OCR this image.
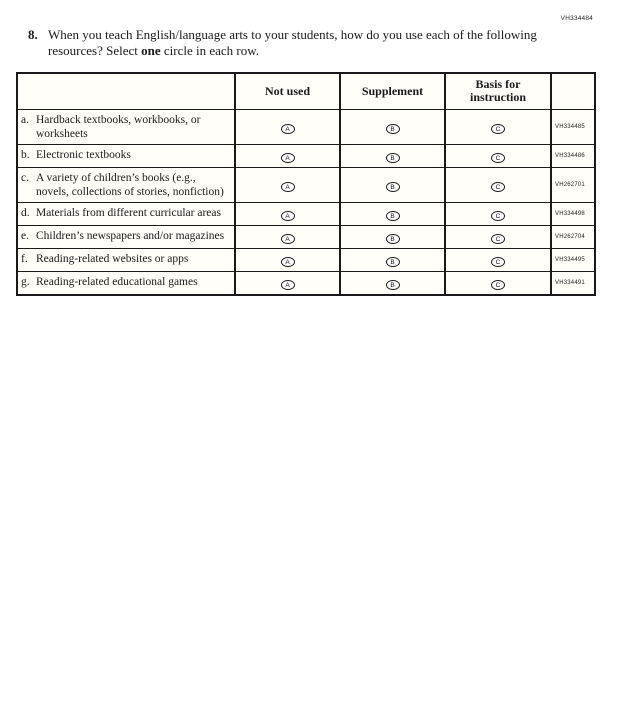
VH334484
8. When you teach English/language arts to your students, how do you use each of the following resources? Select one circle in each row.
	Not used	Supplement	Basis for instruction	

a. Hardback textbooks, workbooks, or worksheets	A	B	C	VH334485

b. Electronic textbooks	A	B	C	VH334486

c. A variety of children’s books (e.g., novels, collections of stories, nonfiction)	A	B	C	VH262701

d. Materials from different curricular areas	A	B	C	VH334498

e. Children’s newspapers and/or magazines	A	B	C	VH262704

f. Reading-related websites or apps	A	B	C	VH334495

g. Reading-related educational games	A	B	C	VH334491
